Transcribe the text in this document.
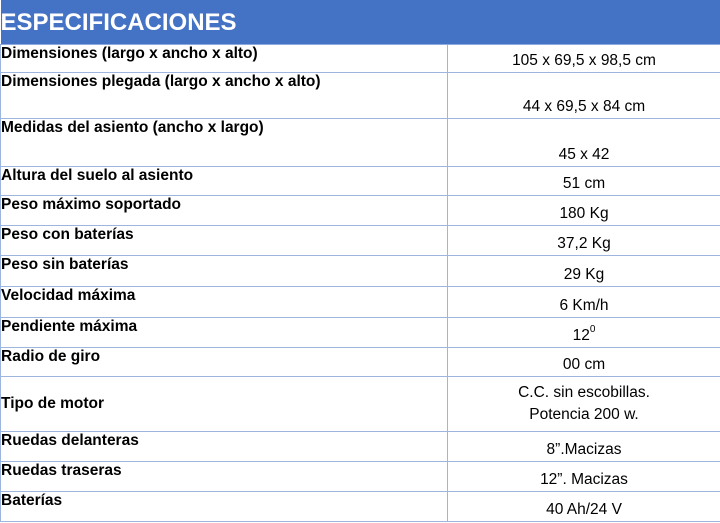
ESPECIFICACIONES	
Dimensiones (largo x ancho x alto)	105 x 69,5 x 98,5 cm
Dimensiones plegada (largo x ancho x alto)	44 x 69,5 x 84 cm
Medidas del asiento (ancho x largo)	45 x 42
Altura del suelo al asiento	51 cm
Peso máximo soportado	180 Kg
Peso con baterías	37,2 Kg
Peso sin baterías	29 Kg
Velocidad máxima	6 Km/h
Pendiente máxima	$12^0$
Radio de giro	00 cm
Tipo de motor	C.C. sin escobillas.
Potencia 200 w.

Ruedas delanteras	8”.Macizas
Ruedas traseras	12”. Macizas
Baterías	40 Ah/24 V
